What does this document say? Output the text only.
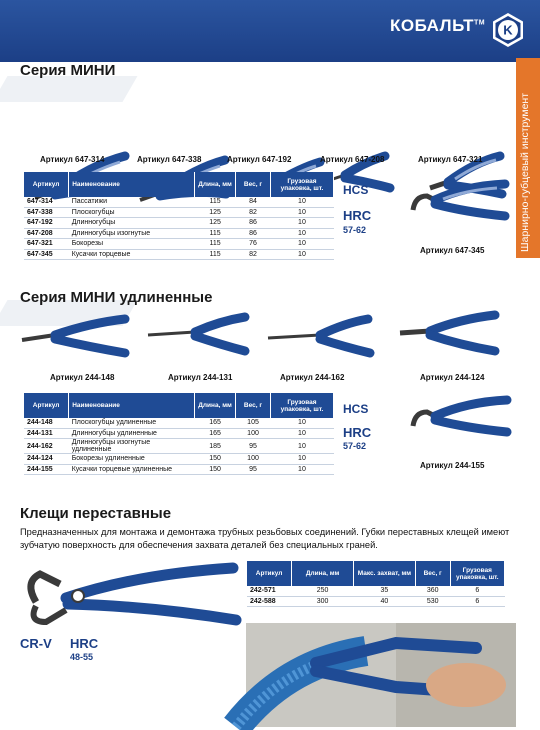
$КОБАЛЬТ^{ТМ}$ K
Шарнирно-губцевый инструмент
Серия МИНИ
Артикул 647-314	Артикул 647-338	Артикул 647-192	Артикул 647-208	Артикул 647-321
Артикул	Наименование	Длина, мм	Вес, г	Грузовая упаковка, шт.
647-314	Пассатижи	115	84	10
647-338	Плоскогубцы	125	82	10
647-192	Длинногубцы	125	86	10
647-208	Длинногубцы изогнутые	115	86	10
647-321	Бокорезы	115	76	10
647-345	Кусачки торцевые	115	82	10
HCS
HRC
57-62
Артикул 647-345
Серия МИНИ удлиненные
Артикул 244-148	Артикул 244-131	Артикул 244-162	Артикул 244-124
Артикул	Наименование	Длина, мм	Вес, г	Грузовая упаковка, шт.
244-148	Плоскогубцы удлиненные	165	105	10
244-131	Длинногубцы удлиненные	165	100	10
244-162	Длинногубцы изогнутые удлиненные	185	95	10
244-124	Бокорезы удлиненные	150	100	10
244-155	Кусачки торцевые удлиненные	150	95	10
HCS
HRC
57-62
Артикул 244-155
Клещи переставные
Предназначенных для монтажа и демонтажа трубных резьбовых соединений. Губки переставных клещей имеют зубчатую поверхность для обеспечения захвата деталей без специальных граней.
CR-V HRC
48-55
Артикул	Длина, мм	Макс. захват, мм	Вес, г	Грузовая упаковка, шт.
242-571	250	35	360	6
242-588	300	40	530	6
